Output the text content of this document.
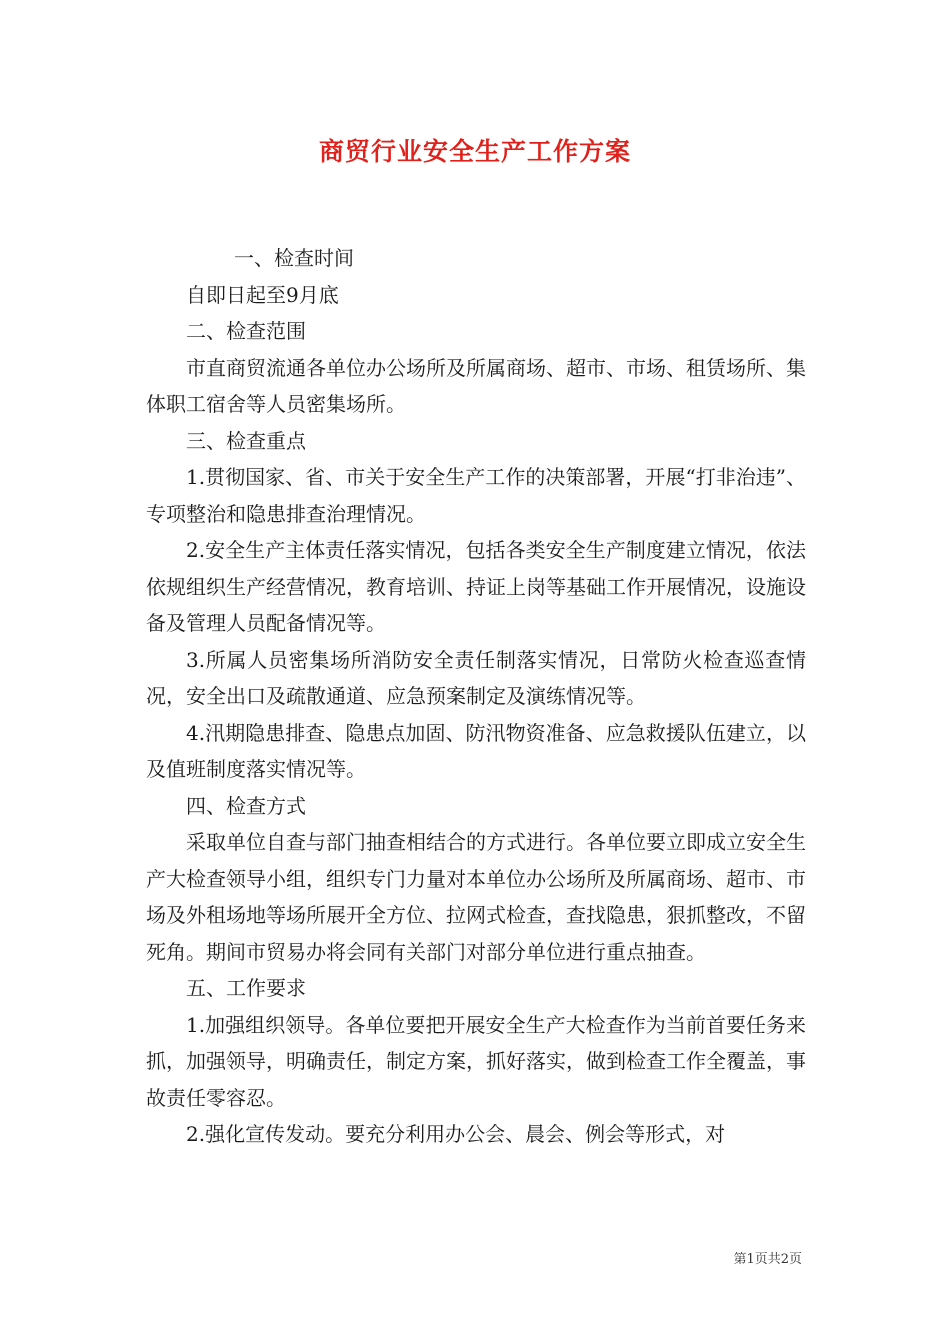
商贸行业安全生产工作方案

一、检查时间

自即日起至9月底

二、检查范围

市直商贸流通各单位办公场所及所属商场、超市、市场、租赁场所、集体职工宿舍等人员密集场所。

三、检查重点

1.贯彻国家、省、市关于安全生产工作的决策部署，开展“打非治违”、专项整治和隐患排查治理情况。

2.安全生产主体责任落实情况，包括各类安全生产制度建立情况，依法依规组织生产经营情况，教育培训、持证上岗等基础工作开展情况，设施设备及管理人员配备情况等。

3.所属人员密集场所消防安全责任制落实情况，日常防火检查巡查情况，安全出口及疏散通道、应急预案制定及演练情况等。

4.汛期隐患排查、隐患点加固、防汛物资准备、应急救援队伍建立，以及值班制度落实情况等。

四、检查方式

采取单位自查与部门抽查相结合的方式进行。各单位要立即成立安全生产大检查领导小组，组织专门力量对本单位办公场所及所属商场、超市、市场及外租场地等场所展开全方位、拉网式检查，查找隐患，狠抓整改，不留死角。期间市贸易办将会同有关部门对部分单位进行重点抽查。

五、工作要求

1.加强组织领导。各单位要把开展安全生产大检查作为当前首要任务来抓，加强领导，明确责任，制定方案，抓好落实，做到检查工作全覆盖，事故责任零容忍。

2.强化宣传发动。要充分利用办公会、晨会、例会等形式，对

第1页共2页
